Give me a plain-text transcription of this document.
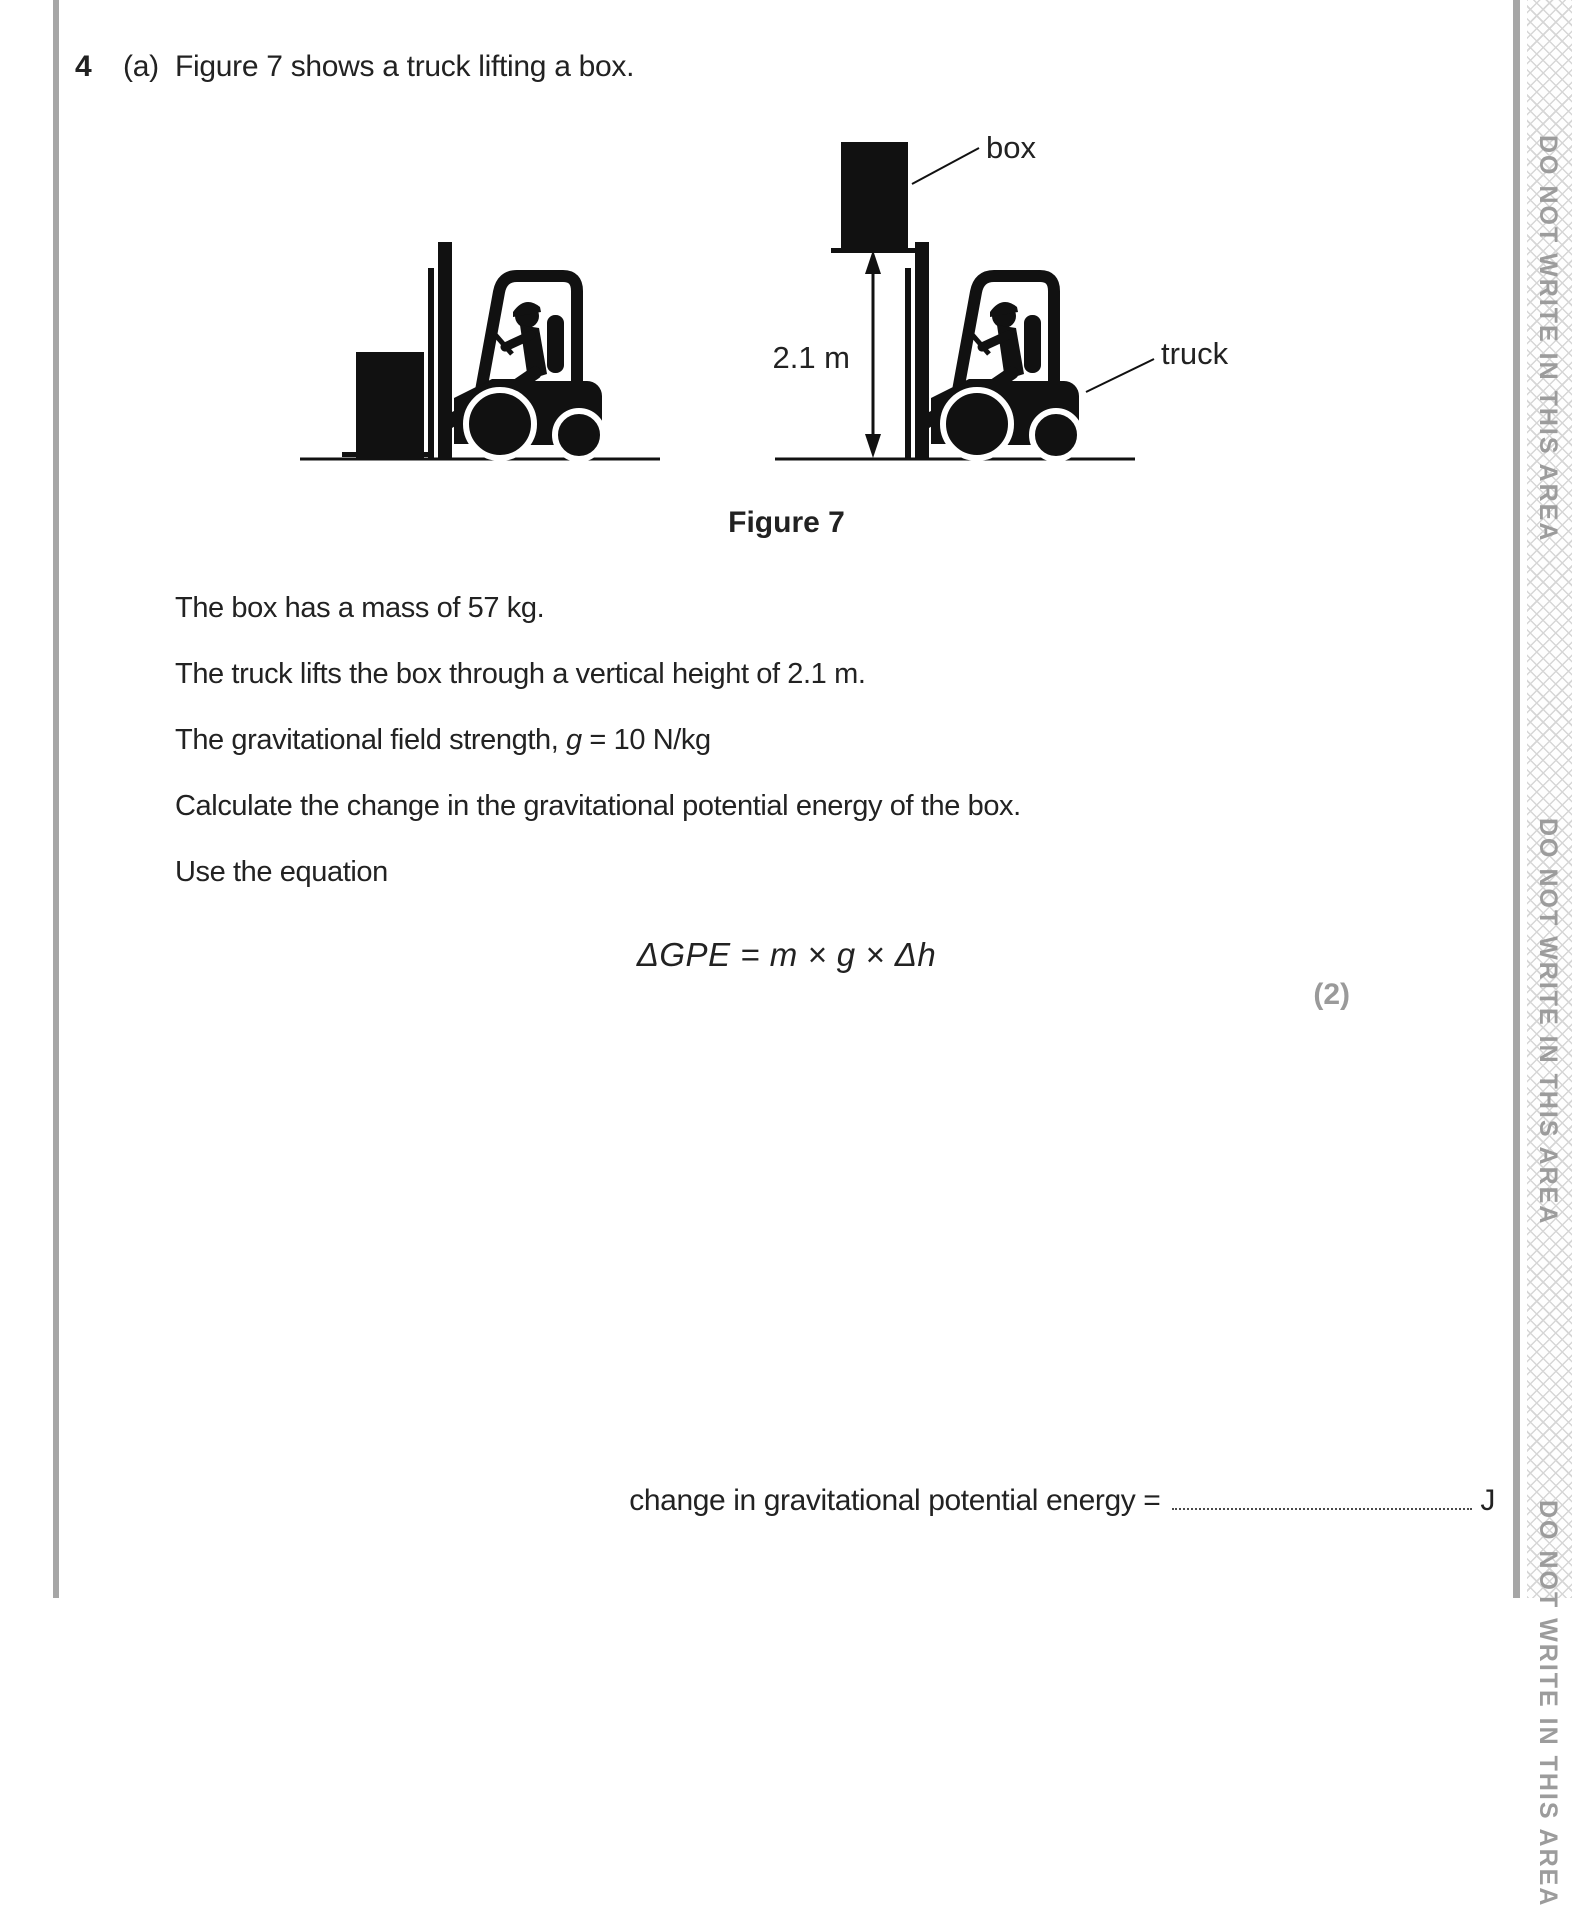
DO NOT WRITE IN THIS AREA
DO NOT WRITE IN THIS AREA
DO NOT WRITE IN THIS AREA
4 (a) Figure 7 shows a truck lifting a box.
2.1 m
box
truck
Figure 7
The box has a mass of 57 kg.
The truck lifts the box through a vertical height of 2.1 m.
The gravitational field strength, g = 10 N/kg
Calculate the change in the gravitational potential energy of the box.
Use the equation
ΔGPE = m × g × Δh
(2)
change in gravitational potential energy =	J
